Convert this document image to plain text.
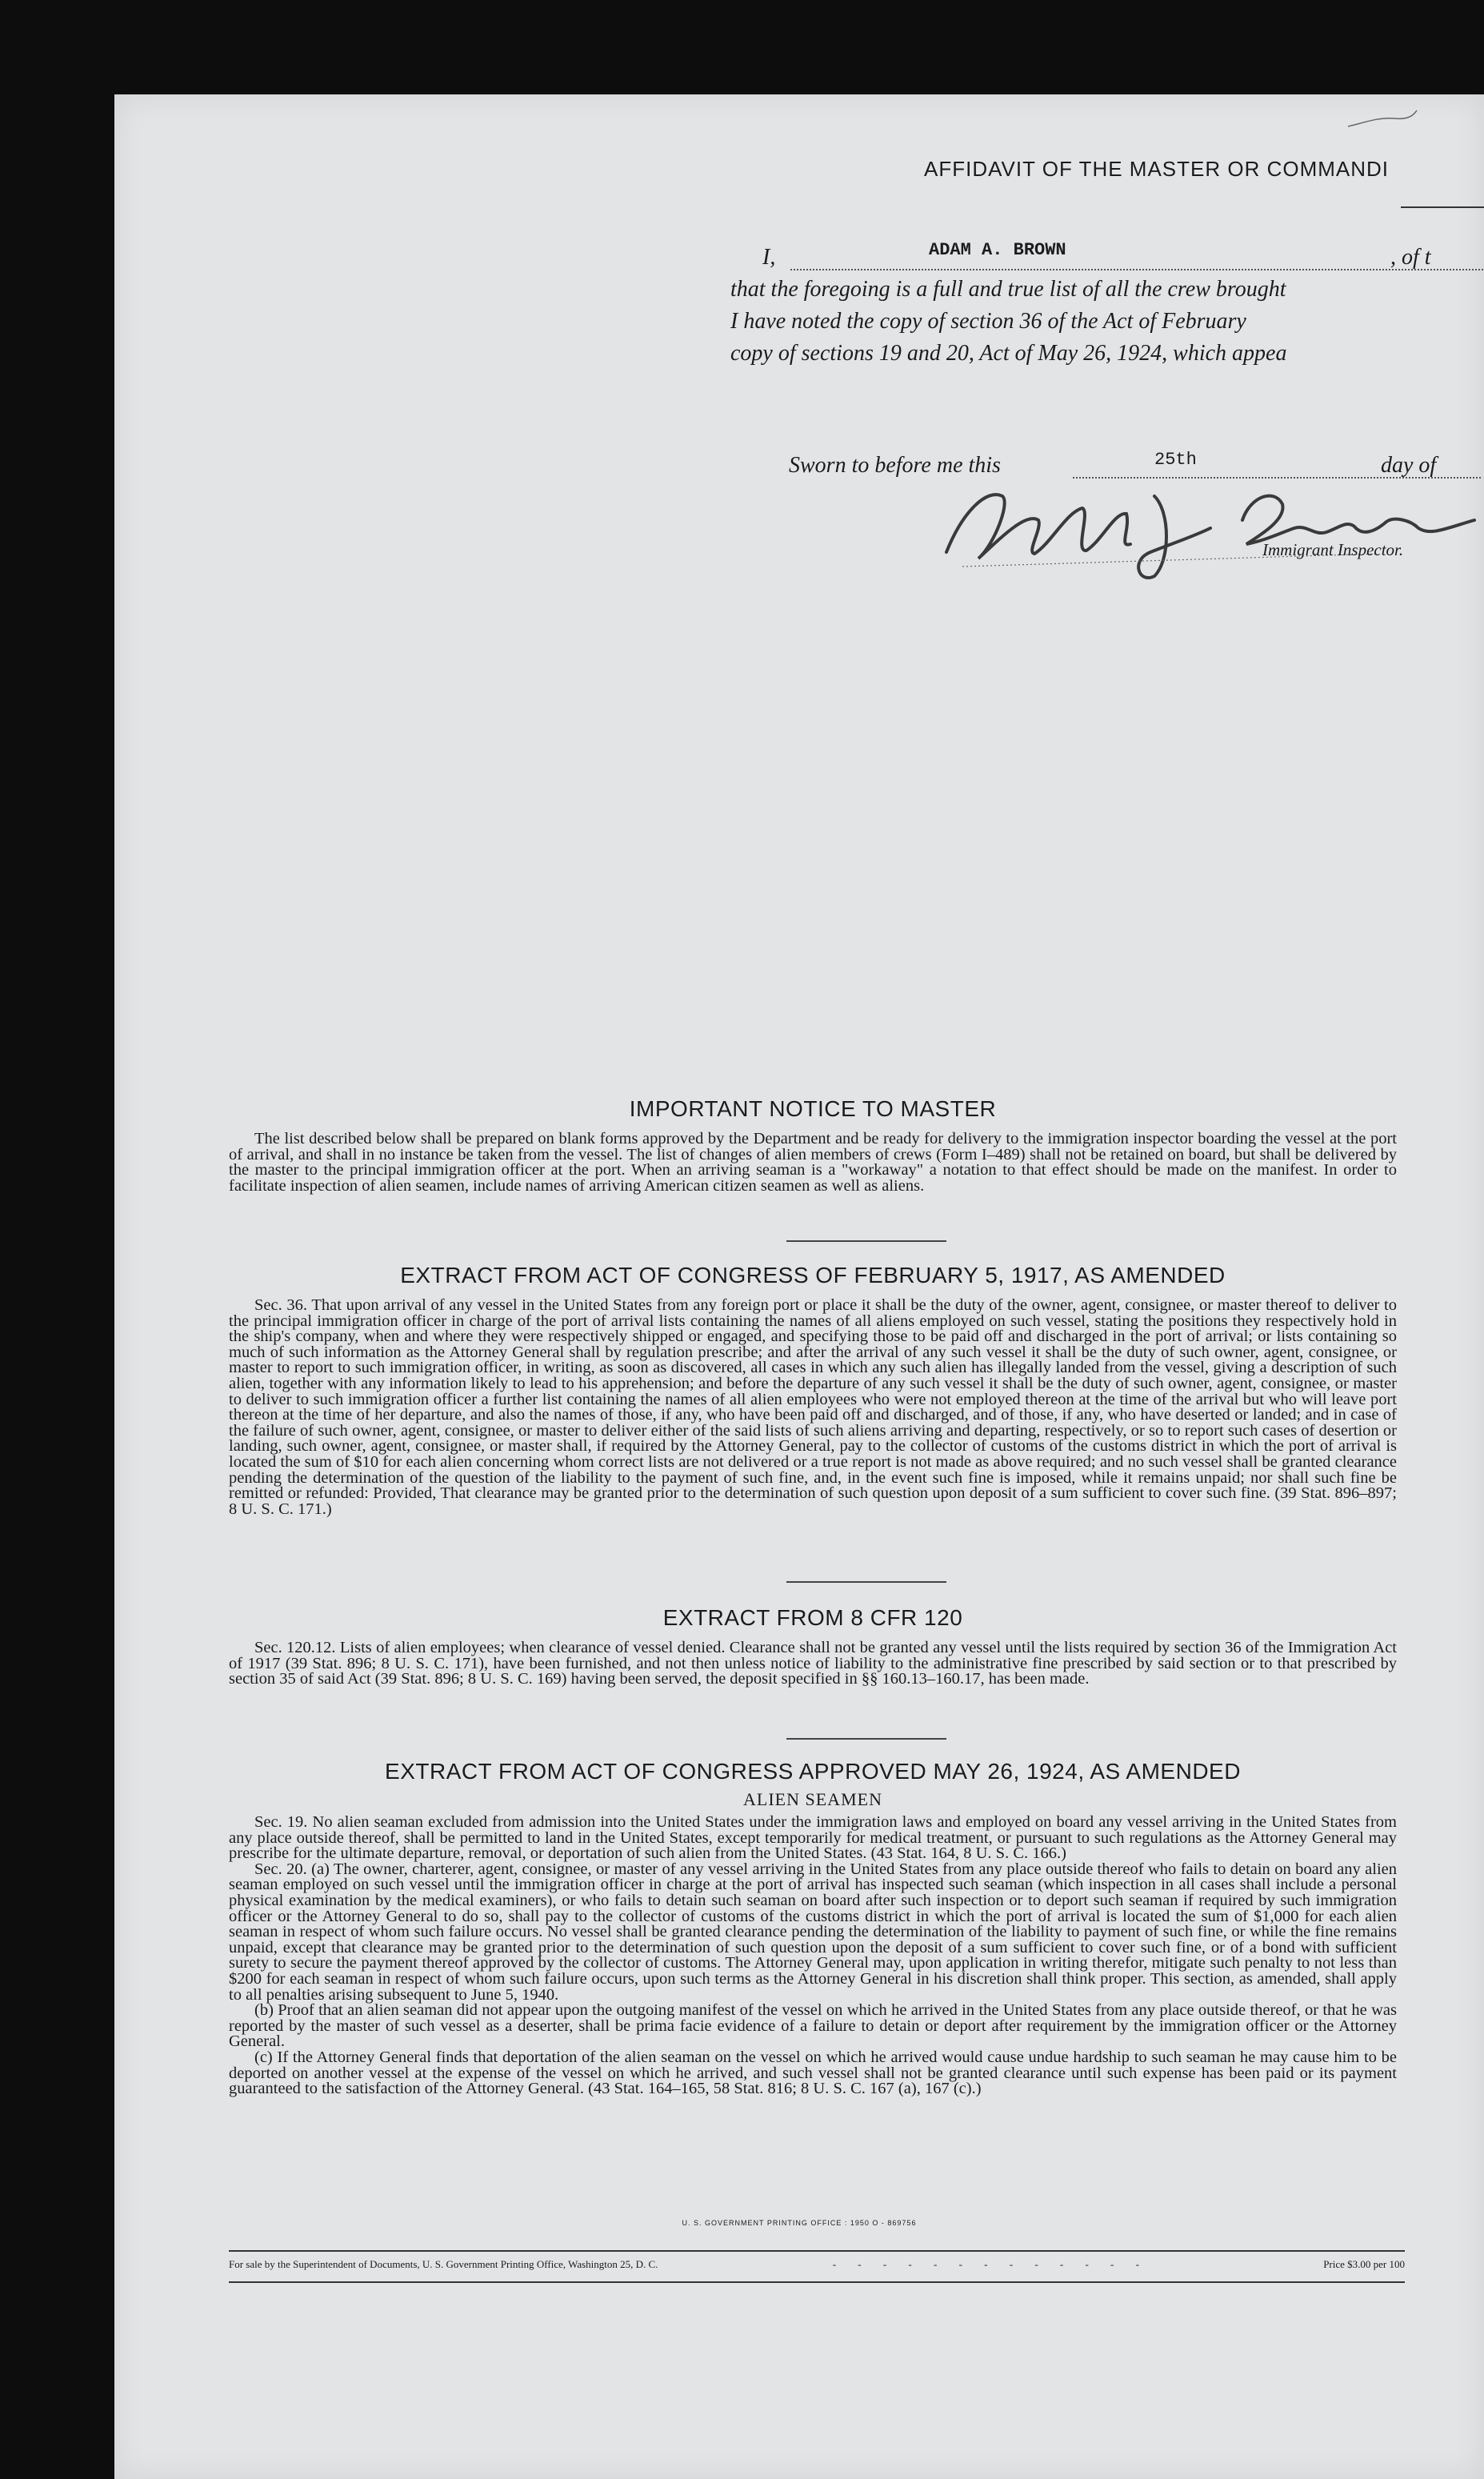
AFFIDAVIT OF THE MASTER OR COMMANDI
I,	ADAM A. BROWN	, of t
that the foregoing is a full and true list of all the crew brought
I have noted the copy of section 36 of the Act of February
copy of sections 19 and 20, Act of May 26, 1924, which appea
Sworn to before me this	25th	day of
Immigrant Inspector.
IMPORTANT NOTICE TO MASTER

The list described below shall be prepared on blank forms approved by the Department and be ready for delivery to the immigration inspector boarding the vessel at the port of arrival, and shall in no instance be taken from the vessel. The list of changes of alien members of crews (Form I–489) shall not be retained on board, but shall be delivered by the master to the principal immigration officer at the port. When an arriving seaman is a "workaway" a notation to that effect should be made on the manifest. In order to facilitate inspection of alien seamen, include names of arriving American citizen seamen as well as aliens.

EXTRACT FROM ACT OF CONGRESS OF FEBRUARY 5, 1917, AS AMENDED

Sec. 36. That upon arrival of any vessel in the United States from any foreign port or place it shall be the duty of the owner, agent, consignee, or master thereof to deliver to the principal immigration officer in charge of the port of arrival lists containing the names of all aliens employed on such vessel, stating the positions they respectively hold in the ship's company, when and where they were respectively shipped or engaged, and specifying those to be paid off and discharged in the port of arrival; or lists containing so much of such information as the Attorney General shall by regulation prescribe; and after the arrival of any such vessel it shall be the duty of such owner, agent, consignee, or master to report to such immigration officer, in writing, as soon as discovered, all cases in which any such alien has illegally landed from the vessel, giving a description of such alien, together with any information likely to lead to his apprehension; and before the departure of any such vessel it shall be the duty of such owner, agent, consignee, or master to deliver to such immigration officer a further list containing the names of all alien employees who were not employed thereon at the time of the arrival but who will leave port thereon at the time of her departure, and also the names of those, if any, who have been paid off and discharged, and of those, if any, who have deserted or landed; and in case of the failure of such owner, agent, consignee, or master to deliver either of the said lists of such aliens arriving and departing, respectively, or so to report such cases of desertion or landing, such owner, agent, consignee, or master shall, if required by the Attorney General, pay to the collector of customs of the customs district in which the port of arrival is located the sum of $10 for each alien concerning whom correct lists are not delivered or a true report is not made as above required; and no such vessel shall be granted clearance pending the determination of the question of the liability to the payment of such fine, and, in the event such fine is imposed, while it remains unpaid; nor shall such fine be remitted or refunded: Provided, That clearance may be granted prior to the determination of such question upon deposit of a sum sufficient to cover such fine. (39 Stat. 896–897; 8 U. S. C. 171.)

EXTRACT FROM 8 CFR 120

Sec. 120.12. Lists of alien employees; when clearance of vessel denied. Clearance shall not be granted any vessel until the lists required by section 36 of the Immigration Act of 1917 (39 Stat. 896; 8 U. S. C. 171), have been furnished, and not then unless notice of liability to the administrative fine prescribed by said section or to that prescribed by section 35 of said Act (39 Stat. 896; 8 U. S. C. 169) having been served, the deposit specified in §§ 160.13–160.17, has been made.

EXTRACT FROM ACT OF CONGRESS APPROVED MAY 26, 1924, AS AMENDED
ALIEN SEAMEN

Sec. 19. No alien seaman excluded from admission into the United States under the immigration laws and employed on board any vessel arriving in the United States from any place outside thereof, shall be permitted to land in the United States, except temporarily for medical treatment, or pursuant to such regulations as the Attorney General may prescribe for the ultimate departure, removal, or deportation of such alien from the United States. (43 Stat. 164, 8 U. S. C. 166.)

Sec. 20. (a) The owner, charterer, agent, consignee, or master of any vessel arriving in the United States from any place outside thereof who fails to detain on board any alien seaman employed on such vessel until the immigration officer in charge at the port of arrival has inspected such seaman (which inspection in all cases shall include a personal physical examination by the medical examiners), or who fails to detain such seaman on board after such inspection or to deport such seaman if required by such immigration officer or the Attorney General to do so, shall pay to the collector of customs of the customs district in which the port of arrival is located the sum of $1,000 for each alien seaman in respect of whom such failure occurs. No vessel shall be granted clearance pending the determination of the liability to payment of such fine, or while the fine remains unpaid, except that clearance may be granted prior to the determination of such question upon the deposit of a sum sufficient to cover such fine, or of a bond with sufficient surety to secure the payment thereof approved by the collector of customs. The Attorney General may, upon application in writing therefor, mitigate such penalty to not less than $200 for each seaman in respect of whom such failure occurs, upon such terms as the Attorney General in his discretion shall think proper. This section, as amended, shall apply to all penalties arising subsequent to June 5, 1940.

(b) Proof that an alien seaman did not appear upon the outgoing manifest of the vessel on which he arrived in the United States from any place outside thereof, or that he was reported by the master of such vessel as a deserter, shall be prima facie evidence of a failure to detain or deport after requirement by the immigration officer or the Attorney General.

(c) If the Attorney General finds that deportation of the alien seaman on the vessel on which he arrived would cause undue hardship to such seaman he may cause him to be deported on another vessel at the expense of the vessel on which he arrived, and such vessel shall not be granted clearance until such expense has been paid or its payment guaranteed to the satisfaction of the Attorney General. (43 Stat. 164–165, 58 Stat. 816; 8 U. S. C. 167 (a), 167 (c).)

U. S. GOVERNMENT PRINTING OFFICE : 1950 O - 869756
For sale by the Superintendent of Documents, U. S. Government Printing Office, Washington 25, D. C.	- - - - - - - - - - - - -	Price $3.00 per 100
